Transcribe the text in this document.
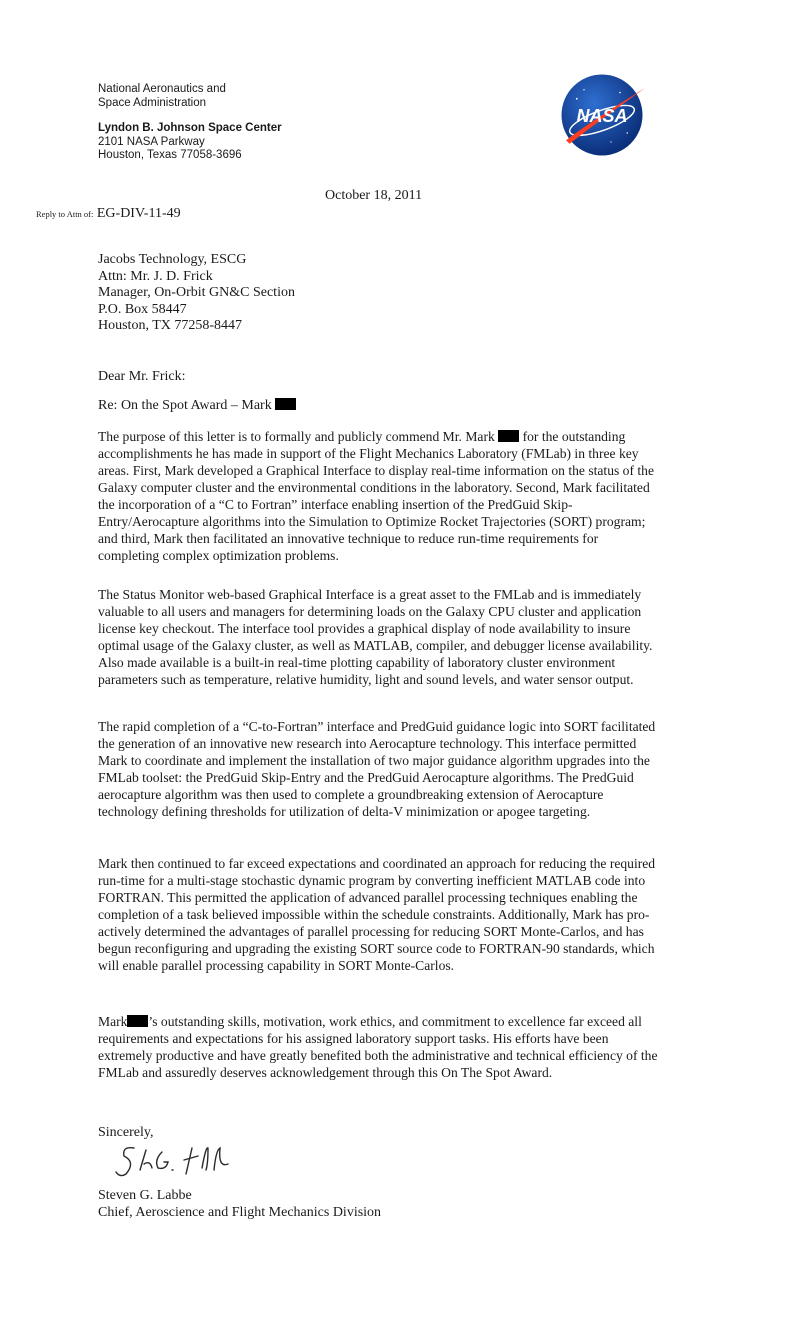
National Aeronautics and
Space Administration
Lyndon B. Johnson Space Center
2101 NASA Parkway
Houston, Texas 77058-3696
NASA
October 18, 2011
Reply to Attn of: EG-DIV-11-49
Jacobs Technology, ESCG
Attn: Mr. J. D. Frick
Manager, On-Orbit GN&C Section
P.O. Box 58447
Houston, TX 77258-8447
Dear Mr. Frick:
Re: On the Spot Award – Mark
The purpose of this letter is to formally and publicly commend Mr. Mark for the outstanding accomplishments he has made in support of the Flight Mechanics Laboratory (FMLab) in three key areas. First, Mark developed a Graphical Interface to display real-time information on the status of the Galaxy computer cluster and the environmental conditions in the laboratory. Second, Mark facilitated the incorporation of a “C to Fortran” interface enabling insertion of the PredGuid Skip-Entry/Aerocapture algorithms into the Simulation to Optimize Rocket Trajectories (SORT) program; and third, Mark then facilitated an innovative technique to reduce run-time requirements for completing complex optimization problems.
The Status Monitor web-based Graphical Interface is a great asset to the FMLab and is immediately valuable to all users and managers for determining loads on the Galaxy CPU cluster and application license key checkout. The interface tool provides a graphical display of node availability to insure optimal usage of the Galaxy cluster, as well as MATLAB, compiler, and debugger license availability. Also made available is a built-in real-time plotting capability of laboratory cluster environment parameters such as temperature, relative humidity, light and sound levels, and water sensor output.
The rapid completion of a “C-to-Fortran” interface and PredGuid guidance logic into SORT facilitated the generation of an innovative new research into Aerocapture technology. This interface permitted Mark to coordinate and implement the installation of two major guidance algorithm upgrades into the FMLab toolset: the PredGuid Skip-Entry and the PredGuid Aerocapture algorithms. The PredGuid aerocapture algorithm was then used to complete a groundbreaking extension of Aerocapture technology defining thresholds for utilization of delta-V minimization or apogee targeting.
Mark then continued to far exceed expectations and coordinated an approach for reducing the required run-time for a multi-stage stochastic dynamic program by converting inefficient MATLAB code into FORTRAN. This permitted the application of advanced parallel processing techniques enabling the completion of a task believed impossible within the schedule constraints. Additionally, Mark has pro-actively determined the advantages of parallel processing for reducing SORT Monte-Carlos, and has begun reconfiguring and upgrading the existing SORT source code to FORTRAN-90 standards, which will enable parallel processing capability in SORT Monte-Carlos.
Mark ’s outstanding skills, motivation, work ethics, and commitment to excellence far exceed all requirements and expectations for his assigned laboratory support tasks. His efforts have been extremely productive and have greatly benefited both the administrative and technical efficiency of the FMLab and assuredly deserves acknowledgement through this On The Spot Award.
Sincerely,
Steven G. Labbe
Chief, Aeroscience and Flight Mechanics Division
